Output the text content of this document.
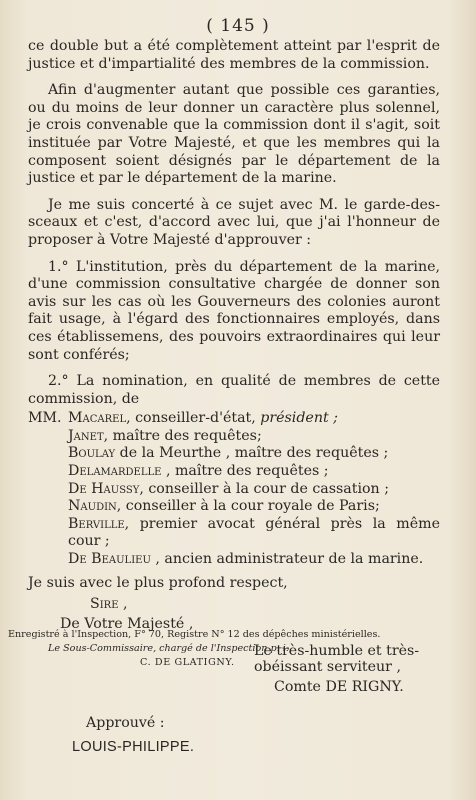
( 145 )

ce double but a été complètement atteint par l'esprit de justice et d'impartialité des membres de la commission.

Afin d'augmenter autant que possible ces garanties, ou du moins de leur donner un caractère plus solennel, je crois convenable que la commission dont il s'agit, soit instituée par Votre Majesté, et que les membres qui la composent soient désignés par le département de la justice et par le département de la marine.

Je me suis concerté à ce sujet avec M. le garde-des-sceaux et c'est, d'accord avec lui, que j'ai l'honneur de proposer à Votre Majesté d'approuver :

1.° L'institution, près du département de la marine, d'une commission consultative chargée de donner son avis sur les cas où les Gouverneurs des colonies auront fait usage, à l'égard des fonctionnaires employés, dans ces établissemens, des pouvoirs extraordinaires qui leur sont conférés;

2.° La nomination, en qualité de membres de cette commission, de

MM. Macarel, conseiller-d'état, président ;
Janet, maître des requêtes;
Boulay de la Meurthe , maître des requêtes ;
Delamardelle , maître des requêtes ;
De Haussy, conseiller à la cour de cassation ;
Naudin, conseiller à la cour royale de Paris;
Berville, premier avocat général près la même cour ;
De Beaulieu , ancien administrateur de la marine.
Je suis avec le plus profond respect,
Sire ,
De Votre Majesté ,
Le très-humble et très-
obéissant serviteur ,
Comte DE RIGNY.
Approuvé :
LOUIS-PHILIPPE.
Enregistré à l'Inspection, F° 70, Registre N° 12 des dépêches ministérielles.
Le Sous-Commissaire, chargé de l'Inspection p. i.,
C. DE GLATIGNY.
